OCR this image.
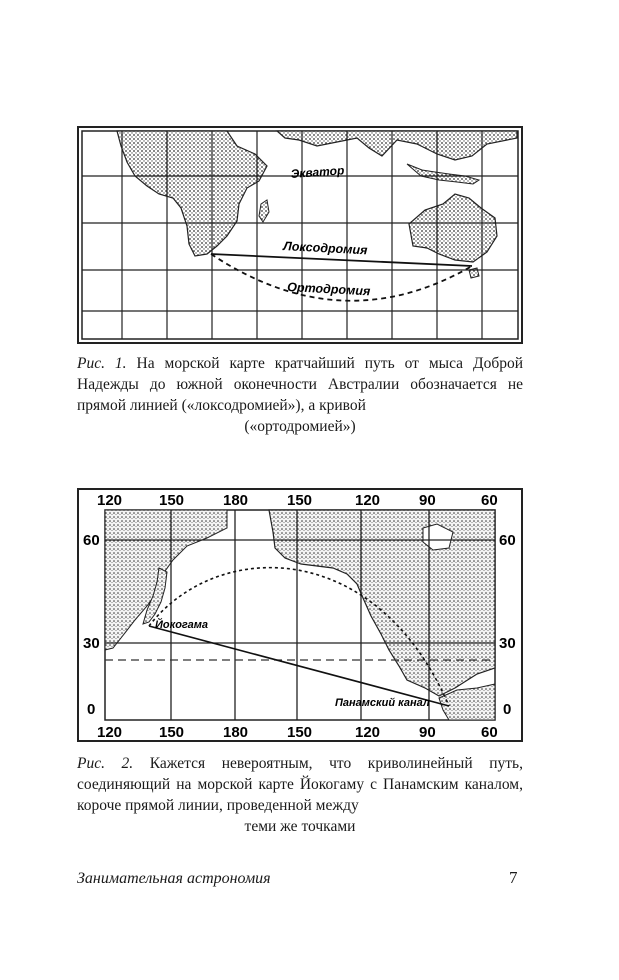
Экватор
Локсодромия
Ортодромия
Рис. 1. На морской карте кратчайший путь от мыса Доброй Надежды до южной оконечности Австралии обозначается не прямой линией («локсодромией»), а кривой
(«ортодромией»)
Йокогама
Панамский канал
120 150	180	150	120	90	60
120 150	180	150	120	90	60
60
30
0
60
30
0
Рис. 2. Кажется невероятным, что криволинейный путь, соединяющий на морской карте Йокогаму с Панамским каналом, короче прямой линии, проведенной между
теми же точками
Занимательная астрономия	7
